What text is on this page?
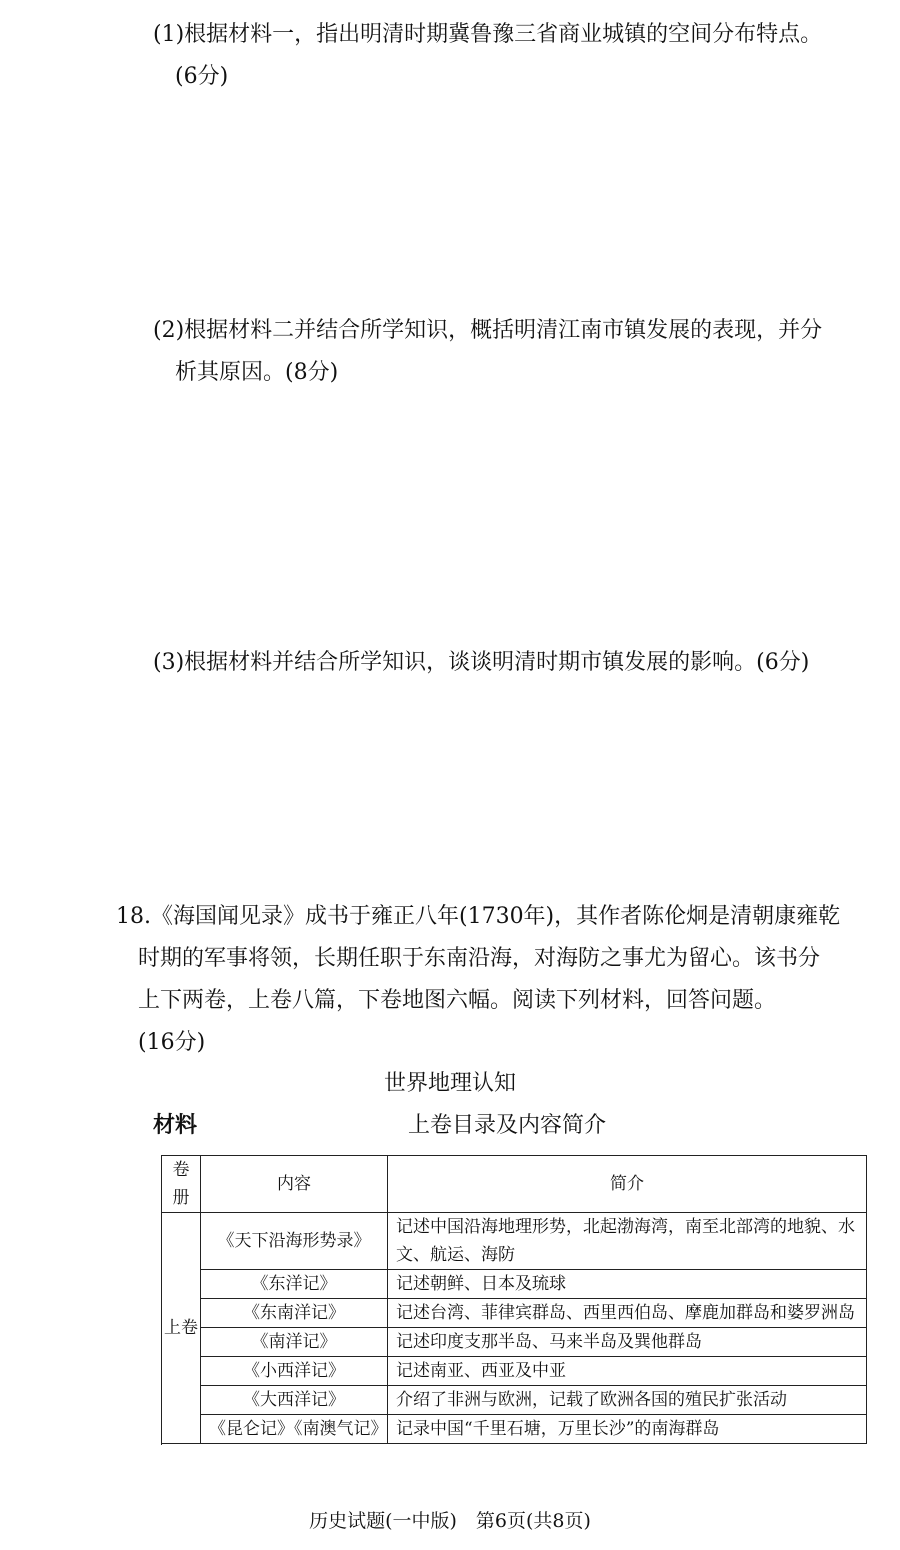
(1)根据材料一，指出明清时期冀鲁豫三省商业城镇的空间分布特点。
(6分)
(2)根据材料二并结合所学知识，概括明清江南市镇发展的表现，并分
析其原因。(8分)
(3)根据材料并结合所学知识，谈谈明清时期市镇发展的影响。(6分)
18.《海国闻见录》成书于雍正八年(1730年)，其作者陈伦炯是清朝康雍乾
时期的军事将领，长期任职于东南沿海，对海防之事尤为留心。该书分
上下两卷，上卷八篇，下卷地图六幅。阅读下列材料，回答问题。
(16分)
世界地理认知
材料	上卷目录及内容简介
卷册	内容	简介
上卷	《天下沿海形势录》	记述中国沿海地理形势，北起渤海湾，南至北部湾的地貌、水文、航运、海防

	《东洋记》	记述朝鲜、日本及琉球
	《东南洋记》	记述台湾、菲律宾群岛、西里西伯岛、摩鹿加群岛和婆罗洲岛

	《南洋记》	记述印度支那半岛、马来半岛及巽他群岛
	《小西洋记》	记述南亚、西亚及中亚
	《大西洋记》	介绍了非洲与欧洲，记载了欧洲各国的殖民扩张活动

	《昆仑记》《南澳气记》	记录中国“千里石塘，万里长沙”的南海群岛

历史试题(一中版)　第6页(共8页)
